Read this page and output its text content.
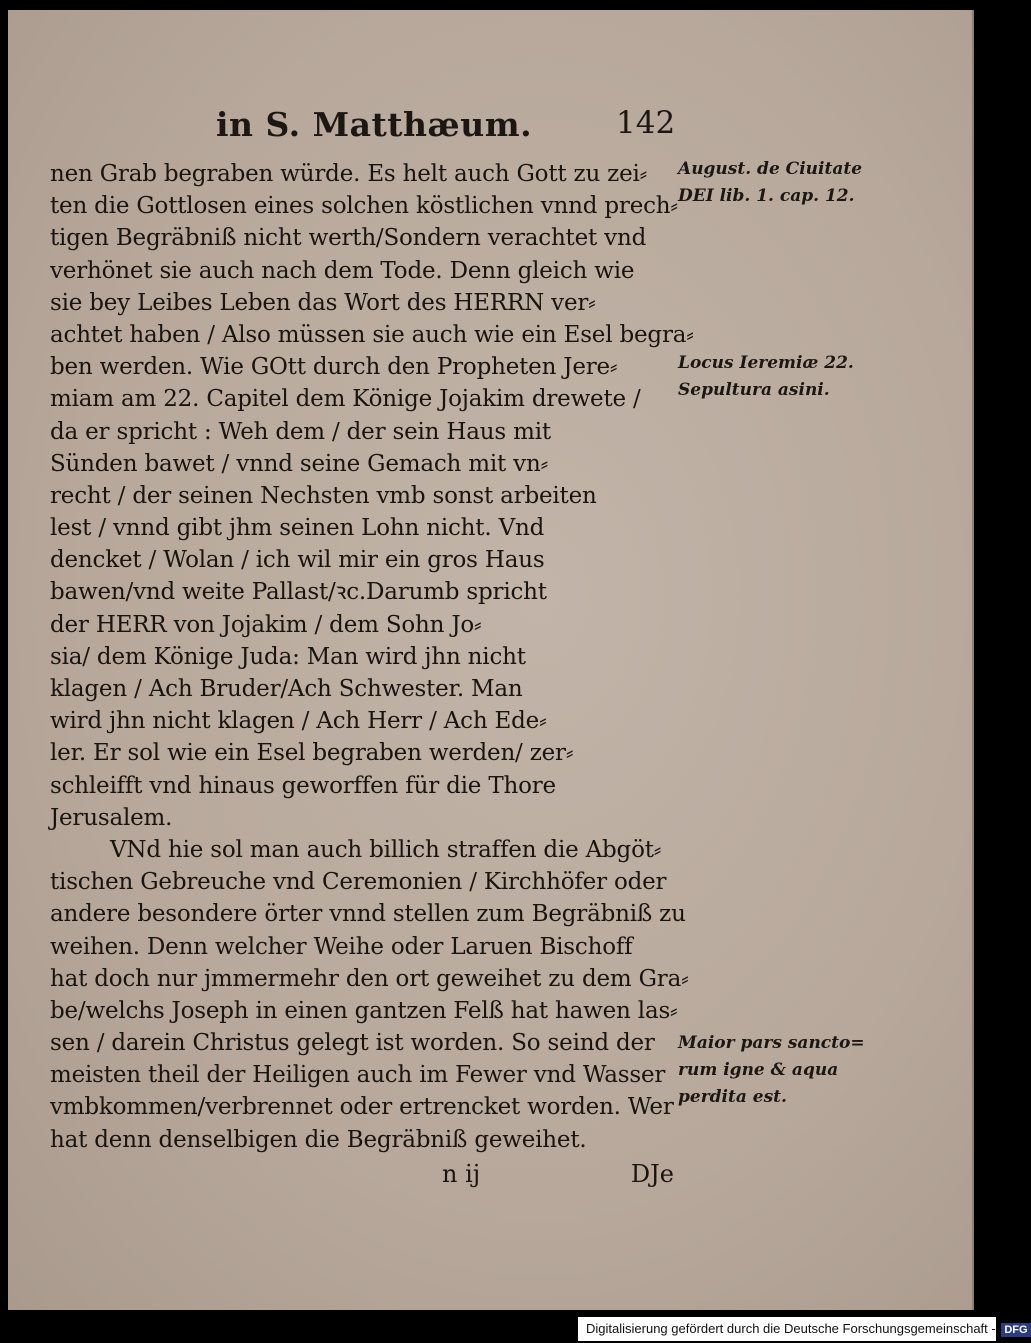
in S. Matthæum.	142
nen Grab begraben würde. Es helt auch Gott zu zei⸗
ten die Gottlosen eines solchen köstlichen vnnd prech⸗
tigen Begräbniß nicht werth/Sondern verachtet vnd
verhönet sie auch nach dem Tode. Denn gleich wie
sie bey Leibes Leben das Wort des HERRN ver⸗
achtet haben / Also müssen sie auch wie ein Esel begra⸗
ben werden. Wie GOtt durch den Propheten Jere⸗
miam am 22. Capitel dem Könige Jojakim drewete /
da er spricht : Weh dem / der sein Haus mit
Sünden bawet / vnnd seine Gemach mit vn⸗
recht / der seinen Nechsten vmb sonst arbeiten
lest / vnnd gibt jhm seinen Lohn nicht. Vnd
dencket / Wolan / ich wil mir ein gros Haus
bawen/vnd weite Pallast/ꝛc.Darumb spricht
der HERR von Jojakim / dem Sohn Jo⸗
sia/ dem Könige Juda: Man wird jhn nicht
klagen / Ach Bruder/Ach Schwester. Man
wird jhn nicht klagen / Ach Herr / Ach Ede⸗
ler. Er sol wie ein Esel begraben werden/ zer⸗
schleifft vnd hinaus geworffen für die Thore
Jerusalem.
VNd hie sol man auch billich straffen die Abgöt⸗
tischen Gebreuche vnd Ceremonien / Kirchhöfer oder
andere besondere örter vnnd stellen zum Begräbniß zu
weihen. Denn welcher Weihe oder Laruen Bischoff
hat doch nur jmmermehr den ort geweihet zu dem Gra⸗
be/welchs Joseph in einen gantzen Felß hat hawen las⸗
sen / darein Christus gelegt ist worden. So seind der
meisten theil der Heiligen auch im Fewer vnd Wasser
vmbkommen/verbrennet oder ertrencket worden. Wer
hat denn denselbigen die Begräbniß geweihet.
n ij	DJe
August. de Ciuitate
DEI lib. 1. cap. 12.
Locus Ieremiæ 22.
Sepultura asini.
Maior pars sancto=
rum igne & aqua
perdita est.
Digitalisierung gefördert durch die Deutsche Forschungsgemeinschaft - DFG
